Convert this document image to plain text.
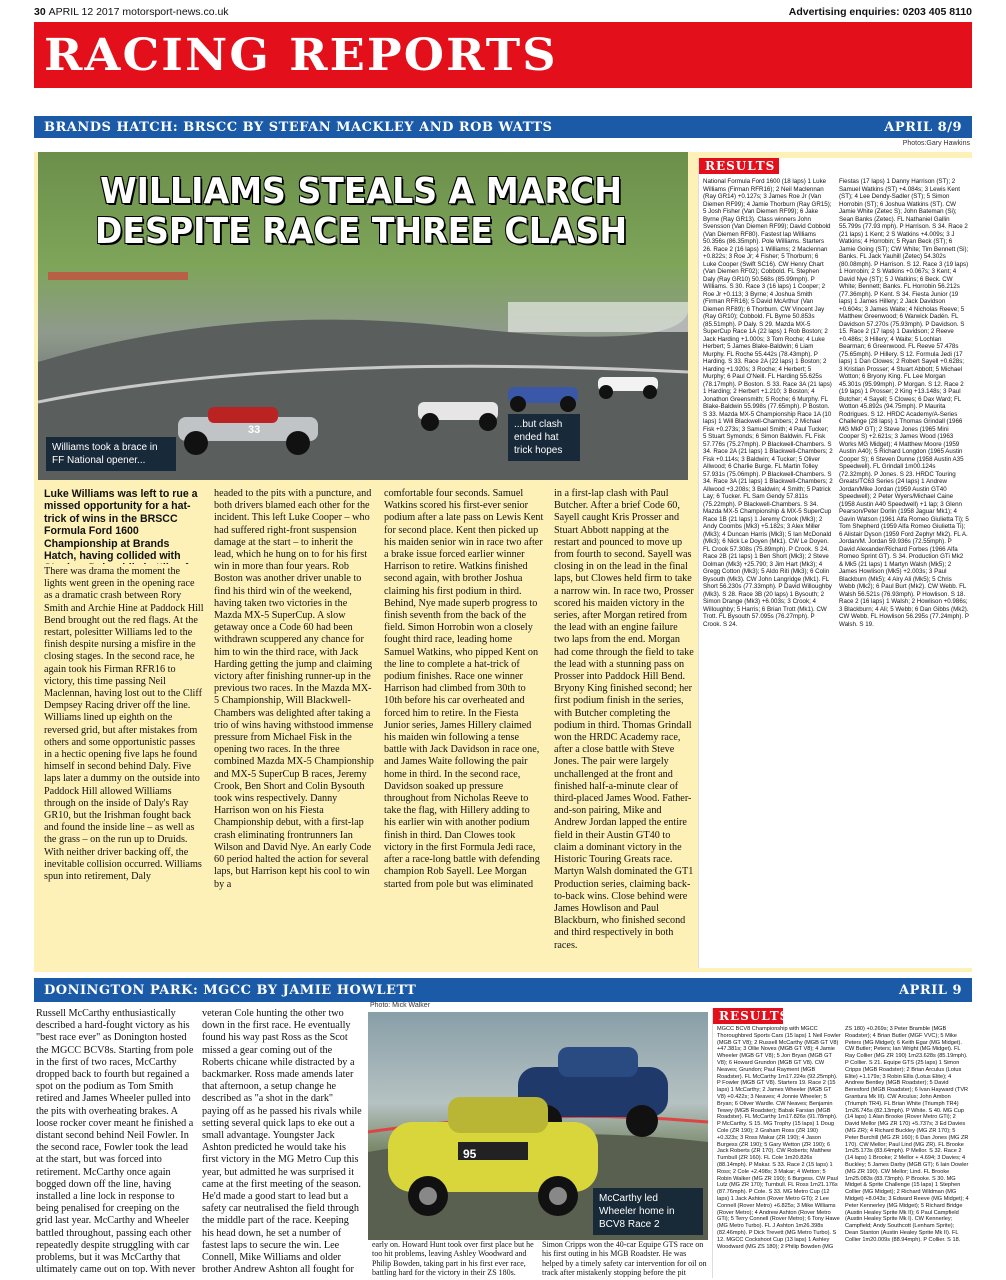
30 APRIL 12 2017 motorsport-news.co.uk	Advertising enquiries: 0203 405 8110
RACING REPORTS
BRANDS HATCH: BRSCC BY STEFAN MACKLEY AND ROB WATTS	APRIL 8/9
Photos:Gary Hawkins
WILLIAMS STEALS A MARCH DESPITE RACE THREE CLASH
Williams took a brace in FF National opener...
...but clash ended hat trick hopes
33
RESULTS
National Formula Ford 1600 (18 laps) 1 Luke Williams (Firman RFR16); 2 Neil Maclennan (Ray GR14) +0.127s; 3 James Roe Jr (Van Diemen RF99); 4 Jamie Thorburn (Ray GR15); 5 Josh Fisher (Van Diemen RF99); 6 Jake Byrne (Ray GR13). Class winners John Svensson (Van Diemen RF99); David Cobbold (Van Diemen RF80). Fastest lap Williams 50.356s (86.35mph). Pole Williams. Starters 26. Race 2 (16 laps) 1 Williams; 2 Maclennan +0.822s; 3 Roe Jr; 4 Fisher; 5 Thorburn; 6 Luke Cooper (Swift SC16). CW Henry Chart (Van Diemen RF02); Cobbold. FL Stephen Daly (Ray GR10) 50.568s (85.99mph). P Williams. S 30. Race 3 (16 laps) 1 Cooper; 2 Roe Jr +0.113; 3 Byrne; 4 Joshua Smith (Firman RFR16); 5 David McArthur (Van Diemen RF89); 6 Thorburn. CW Vincent Jay (Ray GR10); Cobbold. FL Byrne 50.853s (85.51mph). P Daly. S 29. Mazda MX-5 SuperCup Race 1A (22 laps) 1 Rob Boston; 2 Jack Harding +1.000s; 3 Tom Roche; 4 Luke Herbert; 5 James Blake-Baldwin; 6 Liam Murphy. FL Roche 55.442s (78.43mph). P Harding. S 33. Race 2A (22 laps) 1 Boston; 2 Harding +1.920s; 3 Roche; 4 Herbert; 5 Murphy; 6 Paul O'Neill. FL Harding 55.625s (78.17mph). P Boston. S 33. Race 3A (21 laps) 1 Harding; 2 Herbert +1.210; 3 Boston; 4 Jonathon Greensmith; 5 Roche; 6 Murphy. FL Blake-Baldwin 55.998s (77.65mph). P Boston. S 33. Mazda MX-5 Championship Race 1A (10 laps) 1 Will Blackwell-Chambers; 2 Michael Fisk +0.273s; 3 Samuel Smith; 4 Paul Tucker; 5 Stuart Symonds; 6 Simon Baldwin. FL Fisk 57.776s (75.27mph). P Blackwell-Chambers. S 34. Race 2A (21 laps) 1 Blackwell-Chambers; 2 Fisk +0.114s; 3 Baldwin; 4 Tucker; 5 Oliver Allwood; 6 Charlie Burge. FL Martin Tolley 57.931s (75.06mph). P Blackwell-Chambers. S 34. Race 3A (21 laps) 1 Blackwell-Chambers; 2 Allwood +3.208s; 3 Baldwin; 4 Smith; 5 Patrick Lay; 6 Tucker. FL Sam Gendy 57.811s (75.22mph). P Blackwell-Chambers. S 34. Mazda MX-5 Championship & MX-5 SuperCup Race 1B (21 laps) 1 Jeremy Crook (Mk3); 2 Andy Coombs (Mk3) +5.182s; 3 Alex Miller (Mk3); 4 Duncan Harris (Mk3); 5 Ian McDonald (Mk3); 6 Nick Le Doyen (Mk1). CW Le Doyen. FL Crook 57.308s (75.89mph). P Crook. S 24. Race 2B (21 laps) 1 Ben Short (Mk3); 2 Steve Dolman (Mk3) +25.790; 3 Jim Hart (Mk3); 4 Gregg Cotton (Mk3); 5 Aldo Riti (Mk3); 6 Colin Bysouth (Mk3). CW John Langridge (Mk1). FL Short 56.230s (77.33mph). P David Willoughby (Mk3). S 28. Race 3B (20 laps) 1 Bysouth; 2 Simon Drange (Mk3) +6.003s; 3 Crook; 4 Willoughby; 5 Harris; 6 Brian Trott (Mk1). CW Trott. FL Bysouth 57.095s (76.27mph). P Crook. S 24.
Fiestas (17 laps) 1 Danny Harrison (ST); 2 Samuel Watkins (ST) +4.084s; 3 Lewis Kent (ST); 4 Lee Dendy-Sadler (ST); 5 Simon Horrobin (ST); 6 Joshua Watkins (ST). CW Jamie White (Zetec S); John Bateman (Si); Sean Banks (Zetec). FL Nathaniel Gallin 55.799s (77.93 mph). P Harrison. S 34. Race 2 (21 laps) 1 Kent; 2 S Watkins +4.009s; 3 J Watkins; 4 Horrobin; 5 Ryan Beck (ST); 6 Jamie Going (ST); CW White; Tim Bennett (Si); Banks. FL Jack Yauhill (Zetec) 54.302s (80.08mph). P Harrison. S 12. Race 3 (19 laps) 1 Horrobin; 2 S Watkins +0.067s; 3 Kent; 4 David Nye (ST); 5 J Watkins; 6 Beck. CW White; Bennett; Banks. FL Horrobin 56.212s (77.36mph). P Kent. S 34. Fiesta Junior (19 laps) 1 James Hillery; 2 Jack Davidson +0.604s; 3 James Waite; 4 Nicholas Reeve; 5 Matthew Greenwood; 6 Warwick Dadén. FL Davidson 57.270s (75.93mph). P Davidson. S 15. Race 2 (17 laps) 1 Davidson; 2 Reeve +0.486s; 3 Hillery; 4 Waite; 5 Lochlan Bearman; 6 Greenwood. FL Reeve 57.478s (75.65mph). P Hillery. S 12. Formula Jedi (17 laps) 1 Dan Clowes; 2 Robert Sayell +0.628s; 3 Kristian Prosser; 4 Stuart Abbott; 5 Michael Wotton; 6 Bryony King. FL Lee Morgan 45.301s (95.99mph). P Morgan. S 12. Race 2 (19 laps) 1 Prosser; 2 King +13.148s; 3 Paul Butcher; 4 Sayell; 5 Clowes; 6 Dax Ward; FL Wotton 45.892s (94.75mph). P Maurita Rodrigues. S 12. HRDC Academy/A-Series Challenge (28 laps) 1 Thomas Grindall (1966 MG MkP GT); 2 Steve Jones (1965 Mini Cooper S) +2.621s; 3 James Wood (1963 Works MG Midget); 4 Matthew Moore (1959 Austin A40); 5 Richard Longdon (1965 Austin Cooper S); 6 Steven Dunne (1958 Austin A35 Speedwell). FL Grindall 1m00.124s (72.32mph). P Jones. S 23. HRDC Touring Greats/TC63 Series (24 laps) 1 Andrew Jordan/Mike Jordan (1959 Austin GT40 Speedwell); 2 Peter Wyers/Michael Caine (1958 Austin A40 Speedwell) +1 lap; 3 Glenn Pearson/Peter Dorlin (1958 Jaguar Mk1); 4 Gavin Watson (1961 Alfa Romeo Giulietta Ti); 5 Tom Shepherd (1959 Alfa Romeo Giulietta Ti); 6 Alistair Dyson (1959 Ford Zephyr Mk2). FL A. Jordan/M. Jordan 59.936s (72.55mph). P David Alexander/Richard Forbes (1966 Alfa Romeo Sprint GT). S 34. Production GTi Mk2 & Mk5 (21 laps) 1 Martyn Walsh (Mk5); 2 James Howlison (Mk5) +2.003s; 3 Paul Blackburn (Mk5); 4 Alry Ali (Mk5); 5 Chris Webb (Mk2); 6 Paul Burt (Mk2). CW Webb. FL Walsh 56.521s (76.93mph). P Howlison. S 18. Race 2 (16 laps) 1 Walsh; 2 Howlison +0.986s; 3 Blackburn; 4 Ali; 5 Webb; 6 Dan Gibbs (Mk2). CW Webb. FL Howlison 56.295s (77.24mph). P Walsh. S 19.
Luke Williams was left to rue a missed opportunity for a hat-trick of wins in the BRSCC Formula Ford 1600 Championship at Brands Hatch, having collided with
There was drama the moment the lights went green in the opening race as a dramatic crash between Rory Smith and Archie Hine at Paddock Hill Bend brought out the red flags. At the restart, polesitter Williams led to the finish despite nursing a misfire in the closing stages. In the second race, he again took his Firman RFR16 to victory, this time passing Neil Maclennan, having lost out to the Cliff Dempsey Racing driver off the line. Williams lined up eighth on the reversed grid, but after mistakes from others and some opportunistic passes in a hectic opening five laps he found himself in second behind Daly. Five laps later a dummy on the outside into Paddock Hill allowed Williams through on the inside of Daly's Ray GR10, but the Irishman fought back and found the inside line – as well as the grass – on the run up to Druids. With neither driver backing off, the inevitable collision occurred. Williams spun into retirement, Daly
headed to the pits with a puncture, and both drivers blamed each other for the incident. This left Luke Cooper – who had suffered right-front suspension damage at the start – to inherit the lead, which he hung on to for his first win in more than four years. Rob Boston was another driver unable to find his third win of the weekend, having taken two victories in the Mazda MX-5 SuperCup. A slow getaway once a Code 60 had been withdrawn scuppered any chance for him to win the third race, with Jack Harding getting the jump and claiming victory after finishing runner-up in the previous two races. In the Mazda MX-5 Championship, Will Blackwell-Chambers was delighted after taking a trio of wins having withstood immense pressure from Michael Fisk in the opening two races. In the three combined Mazda MX-5 Championship and MX-5 SuperCup B races, Jeremy Crook, Ben Short and Colin Bysouth took wins respectively. Danny Harrison won on his Fiesta Championship debut, with a first-lap crash eliminating frontrunners Ian Wilson and David Nye. An early Code 60 period halted the action for several laps, but Harrison kept his cool to win by a
comfortable four seconds. Samuel Watkins scored his first-ever senior podium after a late pass on Lewis Kent for second place. Kent then picked up his maiden senior win in race two after a brake issue forced earlier winner Harrison to retire. Watkins finished second again, with brother Joshua claiming his first podium in third. Behind, Nye made superb progress to finish seventh from the back of the field. Simon Horrobin won a closely fought third race, leading home Samuel Watkins, who pipped Kent on the line to complete a hat-trick of podium finishes. Race one winner Harrison had climbed from 30th to 10th before his car overheated and forced him to retire. In the Fiesta Junior series, James Hillery claimed his maiden win following a tense battle with Jack Davidson in race one, and James Waite following the pair home in third. In the second race, Davidson soaked up pressure throughout from Nicholas Reeve to take the flag, with Hillery adding to his earlier win with another podium finish in third. Dan Clowes took victory in the first Formula Jedi race, after a race-long battle with defending champion Rob Sayell. Lee Morgan started from pole but was eliminated
in a first-lap clash with Paul Butcher. After a brief Code 60, Sayell caught Kris Prosser and Stuart Abbott napping at the restart and pounced to move up from fourth to second. Sayell was closing in on the lead in the final laps, but Clowes held firm to take a narrow win. In race two, Prosser scored his maiden victory in the series, after Morgan retired from the lead with an engine failure two laps from the end. Morgan had come through the field to take the lead with a stunning pass on Prosser into Paddock Hill Bend. Bryony King finished second; her first podium finish in the series, with Butcher completing the podium in third. Thomas Grindall won the HRDC Academy race, after a close battle with Steve Jones. The pair were largely unchallenged at the front and finished half-a-minute clear of third-placed James Wood. Father-and-son pairing, Mike and Andrew Jordan lapped the entire field in their Austin GT40 to claim a dominant victory in the Historic Touring Greats race. Martyn Walsh dominated the GT1 Production series, claiming back-to-back wins. Close behind were James Howlison and Paul Blackburn, who finished second and third respectively in both races.
DONINGTON PARK: MGCC BY JAMIE HOWLETT	APRIL 9
Photo: Mick Walker
95
McCarthy led Wheeler home in BCV8 Race 2
Russell McCarthy enthusiastically described a hard-fought victory as his "best race ever" as Donington hosted the MGCC BCV8s. Starting from pole in the first of two races, McCarthy dropped back to fourth but regained a spot on the podium as Tom Smith retired and James Wheeler pulled into the pits with overheating brakes. A loose rocker cover meant he finished a distant second behind Neil Fowler. In the second race, Fowler took the lead at the start, but was forced into retirement. McCarthy once again bogged down off the line, having installed a line lock in response to being penalised for creeping on the grid last year. McCarthy and Wheeler battled throughout, passing each other repeatedly despite struggling with car problems, but it was McCarthy that ultimately came out on top. With never
veteran Cole hunting the other two down in the first race. He eventually found his way past Ross as the Scot missed a gear coming out of the Roberts chicane while distracted by a backmarker. Ross made amends later that afternoon, a setup change he described as "a shot in the dark" paying off as he passed his rivals while setting several quick laps to eke out a small advantage. Youngster Jack Ashton predicted he would take his first victory in the MG Metro Cup this year, but admitted he was surprised it came at the first meeting of the season. He'd made a good start to lead but a safety car neutralised the field through the middle part of the race. Keeping his head down, he set a number of fastest laps to secure the win. Lee Connell, Mike Williams and older brother Andrew Ashton all fought for
RESULTS
MGCC BCV8 Championship with MGCC Thoroughbred Sports Cars (15 laps) 1 Neil Fowler (MGB GT V8); 2 Russell McCarthy (MGB GT V8) +47.381s; 3 Ollie Noves (MGB GT V8); 4 Jamie Wheeler (MGB GT V8); 5 Jon Bryan (MGB GT V8); 6 Howard Grundon (MGB GT V8). CW Neaves; Grundon; Paul Rayment (MGB Roadster). FL McCarthy 1m17.224s (92.25mph). P Fowler (MGB GT V8). Starters 19. Race 2 (15 laps) 1 McCarthy; 2 James Wheeler (MGB GT V8) +0.422s; 3 Neaves; 4 Jonnie Wheeler; 5 Bryan; 6 Oliver Wardle. CW Neaves; Benjamin Tewey (MGB Roadster); Babak Farsian (MGB Roadster). FL McCarthy 1m17.826s (91.78mph). P McCarthy. S 15. MG Trophy (15 laps) 1 Doug Cole (ZR 190); 2 Graham Ross (ZR 190) +0.323s; 3 Ross Makar (ZR 190); 4 Jason Burgess (ZR 190); 5 Gary Wetton (ZR 190); 6 Jack Roberts (ZR 170). CW Roberts; Matthew Turnbull (ZR 160). FL Cole 1m20.826s (88.14mph). P Makar. S 33. Race 2 (15 laps) 1 Ross; 2 Cole +2.498s; 3 Makar; 4 Wetton; 5 Robin Walker (MG ZR 190); 6 Burgess. CW Paul Lutz (MG ZR 170); Turnbull. FL Ross 1m21.176s (87.76mph). P Cole. S 33. MG Metro Cup (12 laps) 1 Jack Ashton (Rover Metro GTi); 2 Lee Connell (Rover Metro) +6.825s; 3 Mike Williams (Rover Metro); 4 Andrew Ashton (Rover Metro GTi); 5 Terry Connell (Rover Metro); 6 Tony Hawe (MG Metro Turbo). FL J Ashton 1m26.398s (82.46mph). P Dick Trevett (MG Metro Turbo). S 12. MGCC Cockshoot Cup (13 laps) 1 Ashley Woodward (MG ZS 180); 2 Philip Bowden (MG
ZS 180) +0.269s; 3 Peter Bramble (MGB Roadster); 4 Brian Butler (MGF VVC); 5 Mike Peters (MG Midget); 6 Keith Egar (MG Midget). CW Butler; Peters; Ian Wright (MG Midget). FL Ray Collier (MG ZR 190) 1m23.628s (85.19mph). P Collier. S 21. Equipe GTS (25 laps) 1 Simon Cripps (MGB Roadster); 2 Brian Arculus (Lotus Elite) +1.179s; 3 Robin Ellis (Lotus Elite); 4 Andrew Bentley (MGB Roadster); 5 David Beresford (MGB Roadster); 6 Ivan Hayward (TVR Grantura Mk III). CW Arculus; John Ambon (Triumph TR4). FL Brian White (Triumph TR4) 1m26.745s (82.13mph). P White. S 40. MG Cup (14 laps) 1 Alan Brooke (Rover Metro GTi); 2 David Mellor (MG ZR 170) +5.737s; 3 Ed Davies (MG ZR); 4 Richard Buckley (MG ZR 170); 5 Peter Burchill (MG ZR 160); 6 Dan Jones (MG ZR 170). CW Mellor; Paul Lind (MG ZR). FL Brooke 1m25.173s (83.64mph). P Mellor. S 32. Race 2 (14 laps) 1 Brooke; 2 Mellor + 4.694; 3 Davies; 4 Buckley; 5 James Darby (MGB GT); 6 Iain Dowler (MG ZR 190). CW Mellor; Lind. FL Brooke 1m25.083s (83.73mph). P Brooke. S 30. MG Midget & Sprite Challenge (15 laps) 1 Stephen Collier (MG Midget); 2 Richard Wildman (MG Midget) +8.043s; 3 Edward Reeve (MG Midget); 4 Peter Kennerley (MG Midget); 5 Richard Bridge (Austin Healey Sprite Mk II); 6 Paul Campfield (Austin Healey Sprite Mk I). CW Kennerley; Campfield; Andy Southcott (Lenham Sprite); Dean Stanton (Austin Healey Sprite Mk II). FL Collier 1m20.009s (88.94mph). P Collier. S 18.
early on. Howard Hunt took over first place but he too hit problems, leaving Ashley Woodward and Philip Bowden, taking part in his first ever race, battling hard for the victory in their ZS 180s.
Simon Cripps won the 40-car Equipe GTS race on his first outing in his MGB Roadster. He was helped by a timely safety car intervention for oil on track after mistakenly stopping before the pit
